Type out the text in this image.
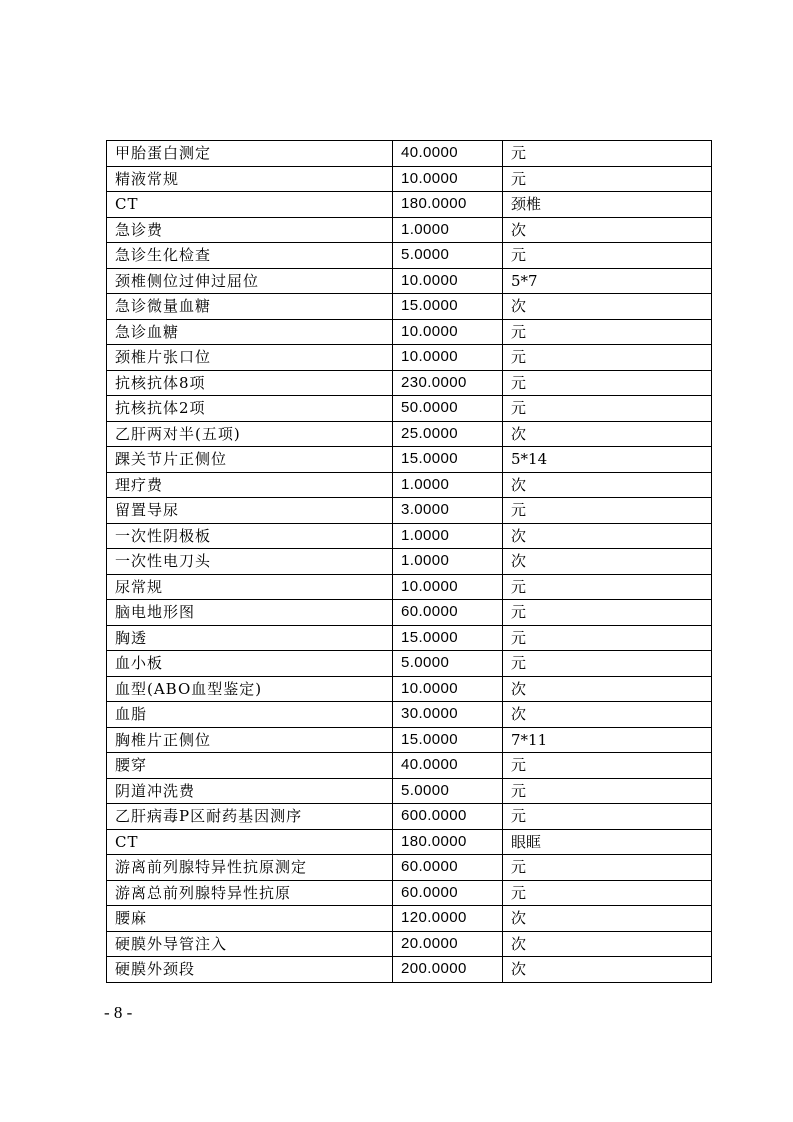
甲胎蛋白测定	40.0000	元
精液常规	10.0000	元
CT	180.0000	颈椎
急诊费	1.0000	次
急诊生化检查	5.0000	元
颈椎侧位过伸过屈位	10.0000	5*7
急诊微量血糖	15.0000	次
急诊血糖	10.0000	元
颈椎片张口位	10.0000	元
抗核抗体8项	230.0000	元
抗核抗体2项	50.0000	元
乙肝两对半(五项)	25.0000	次
踝关节片正侧位	15.0000	5*14
理疗费	1.0000	次
留置导尿	3.0000	元
一次性阴极板	1.0000	次
一次性电刀头	1.0000	次
尿常规	10.0000	元
脑电地形图	60.0000	元
胸透	15.0000	元
血小板	5.0000	元
血型(ABO血型鉴定)	10.0000	次
血脂	30.0000	次
胸椎片正侧位	15.0000	7*11
腰穿	40.0000	元
阴道冲洗费	5.0000	元
乙肝病毒P区耐药基因测序	600.0000	元
CT	180.0000	眼眶
游离前列腺特异性抗原测定	60.0000	元
游离总前列腺特异性抗原	60.0000	元
腰麻	120.0000	次
硬膜外导管注入	20.0000	次
硬膜外颈段	200.0000	次
- 8 -
